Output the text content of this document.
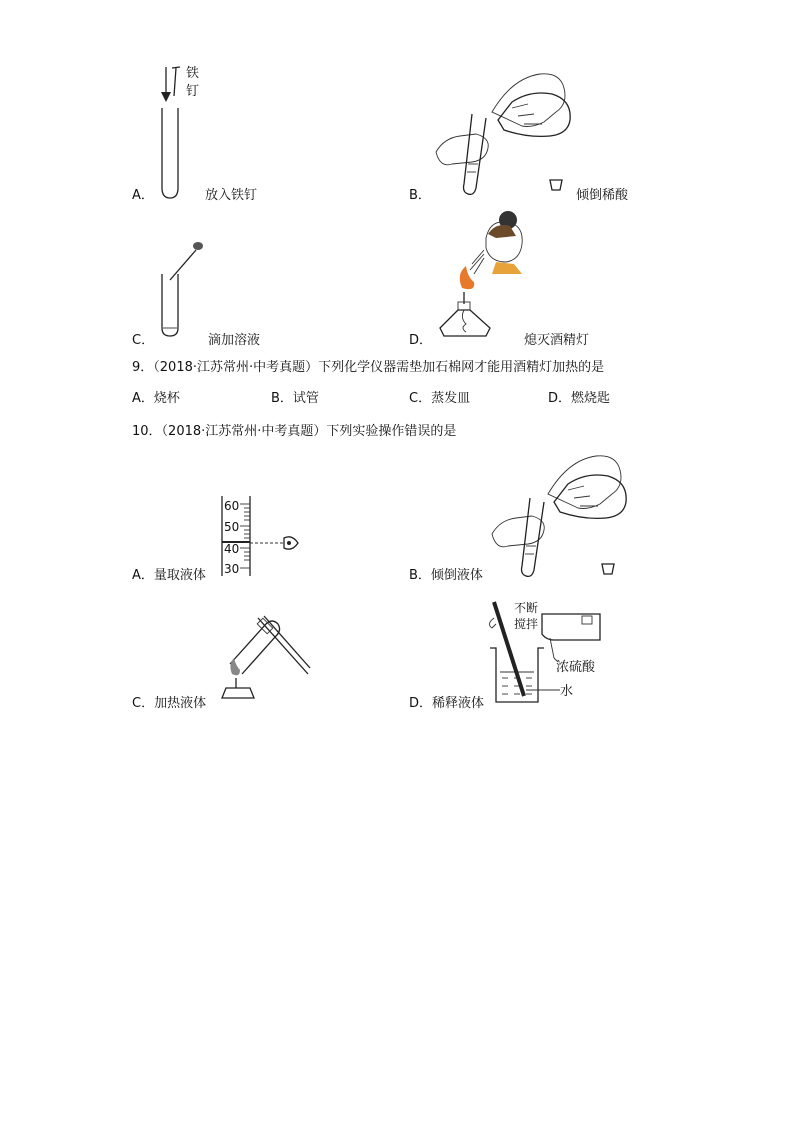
铁
钉
A．	放入铁钉	B．	倾倒稀酸
C．	滴加溶液	D．	熄灭酒精灯
9．（2018·江苏常州·中考真题）下列化学仪器需垫加石棉网才能用酒精灯加热的是
A．烧杯	B．试管	C．蒸发皿	D．燃烧匙
10．（2018·江苏常州·中考真题）下列实验操作错误的是
60
50
40
30
A．量取液体	B．倾倒液体
C．加热液体
不断
搅拌
浓硫酸
水
D．稀释液体
